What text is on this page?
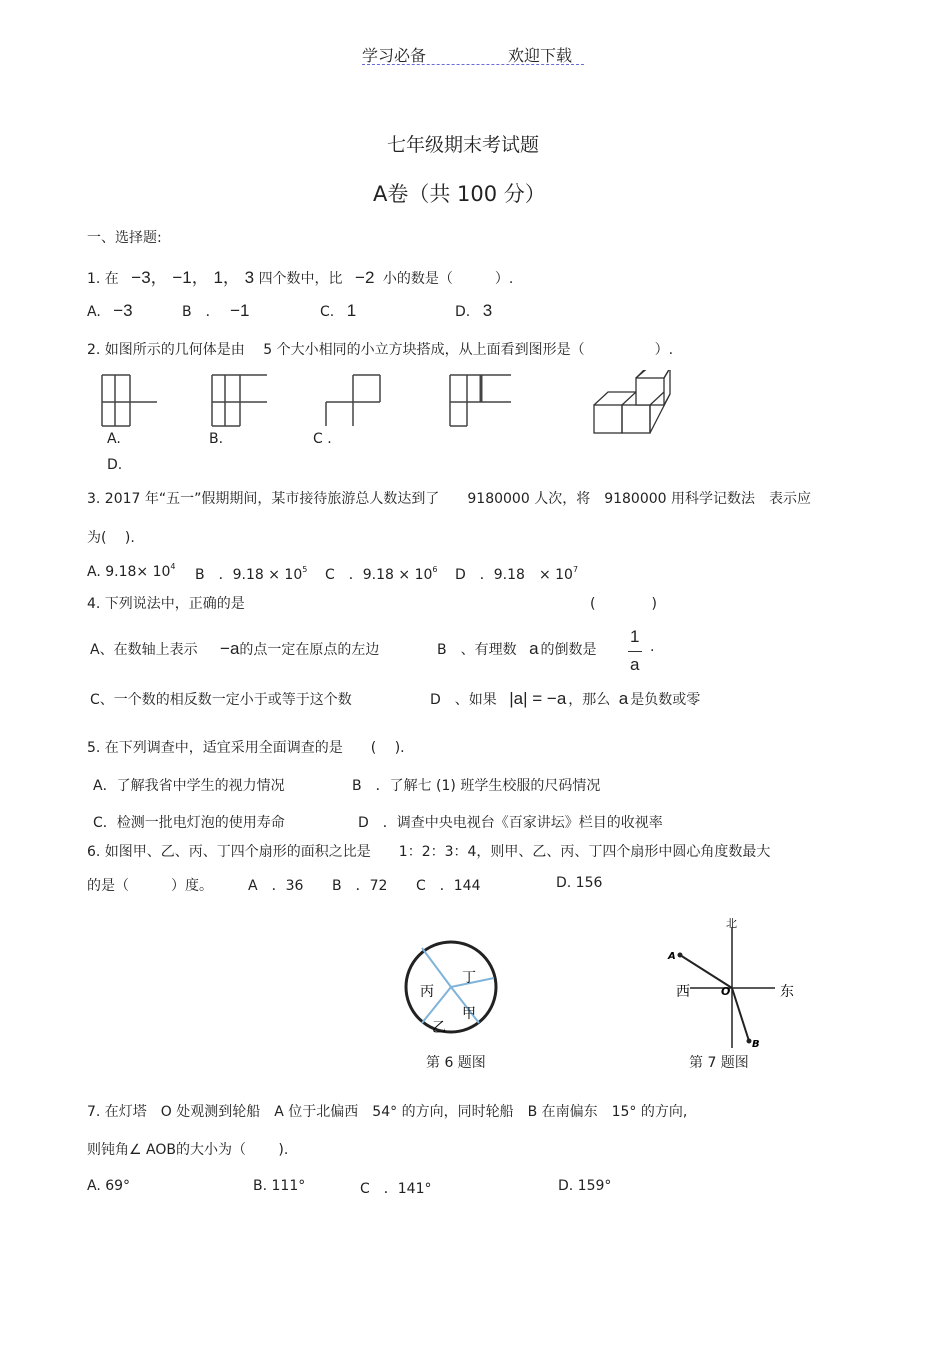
学习必备	欢迎下载
七年级期末考试题
A卷（共 100 分）
一、选择题:
1. 在 −3， −1， 1， 3 四个数中，比 −2 小的数是（　　　）.
A. −3	B　． −1	C. 1	D. 3
2. 如图所示的几何体是由　 5 个大小相同的小立方块搭成，从上面看到图形是（　　　　　）.
A.	B.	C .
D.
3. 2017 年“五一”假期期间，某市接待旅游总人数达到了　　9180000 人次，将　9180000 用科学记数法　表示应
为(　 ).
A. $9.18\times 10^4$
B　．$9.18 \times 10^5$ C　．$9.18 \times 10^6$ D　．9.18　× $10^7$
4. 下列说法中，正确的是	(　　　　)
A、在数轴上表示 −a的点一定在原点的左边	B　、有理数 a 的倒数是
1
a
.
C、一个数的相反数一定小于或等于这个数	D　、如果 |a| = −a ，那么 a 是负数或零
5. 在下列调查中，适宜采用全面调查的是　　(　 ).
A．了解我省中学生的视力情况	B　．了解七 (1) 班学生校服的尺码情况
C．检测一批电灯泡的使用寿命	D　．调查中央电视台《百家讲坛》栏目的收视率
6. 如图甲、乙、丙、丁四个扇形的面积之比是　　1：2：3：4，则甲、乙、丙、丁四个扇形中圆心角度数最大
的是（　　　）度。	A　．36 B　．72 C　．144	D. 156
丁
丙
甲
乙
第 6 题图
北
西	东
O
A
B
第 7 题图
7. 在灯塔　O 处观测到轮船　A 位于北偏西　54° 的方向，同时轮船　B 在南偏东　15° 的方向,
则钝角∠ AOB的大小为（　　 ).
A. 69°	B. 111°	C　．141°	D. 159°
